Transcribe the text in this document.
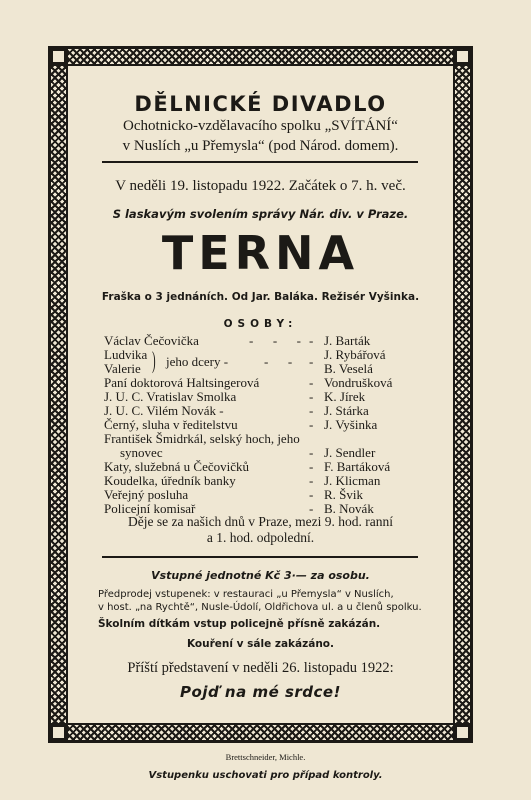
DĚLNICKÉ DIVADLO
Ochotnicko-vzdělavacího spolku „SVÍTÁNÍ“
v Nuslích „u Přemysla“ (pod Národ. domem).
V neděli 19. listopadu 1922. Začátek o 7. h. več.
S laskavým svolením správy Nár. div. v Praze.
TERNA
Fraška o 3 jednáních. Od Jar. Baláka. Režisér Vyšinka.
OSOBY:
Václav Čečovička	-      -      - - J. Barták
Ludvika
Valerie ) jeho dcery -	-      - - J. Rybářová
B. Veselá
Paní doktorová Haltsingerová	- Vondrušková
J. U. C. Vratislav Smolka	- K. Jírek
J. U. C. Vilém Novák -	- J. Stárka
Černý, sluha v ředitelstvu	- J. Vyšinka
František Šmidrkál, selský hoch, jeho
synovec	- J. Sendler
Katy, služebná u Čečovičků	- F. Bartáková
Koudelka, úředník banky	- J. Klicman
Veřejný posluha	- R. Švik
Policejní komisař	- B. Novák
Děje se za našich dnů v Praze, mezi 9. hod. ranní
a 1. hod. odpolední.
Vstupné jednotné Kč 3·— za osobu.
Předprodej vstupenek: v restauraci „u Přemysla“ v Nuslích,
v host. „na Rychtě“, Nusle-Údolí, Oldřichova ul. a u členů spolku.
Školním dítkám vstup policejně přísně zakázán.
Kouření v sále zakázáno.
Příští představení v neděli 26. listopadu 1922:
Pojď na mé srdce!
Brettschneider, Michle.
Vstupenku uschovati pro případ kontroly.
